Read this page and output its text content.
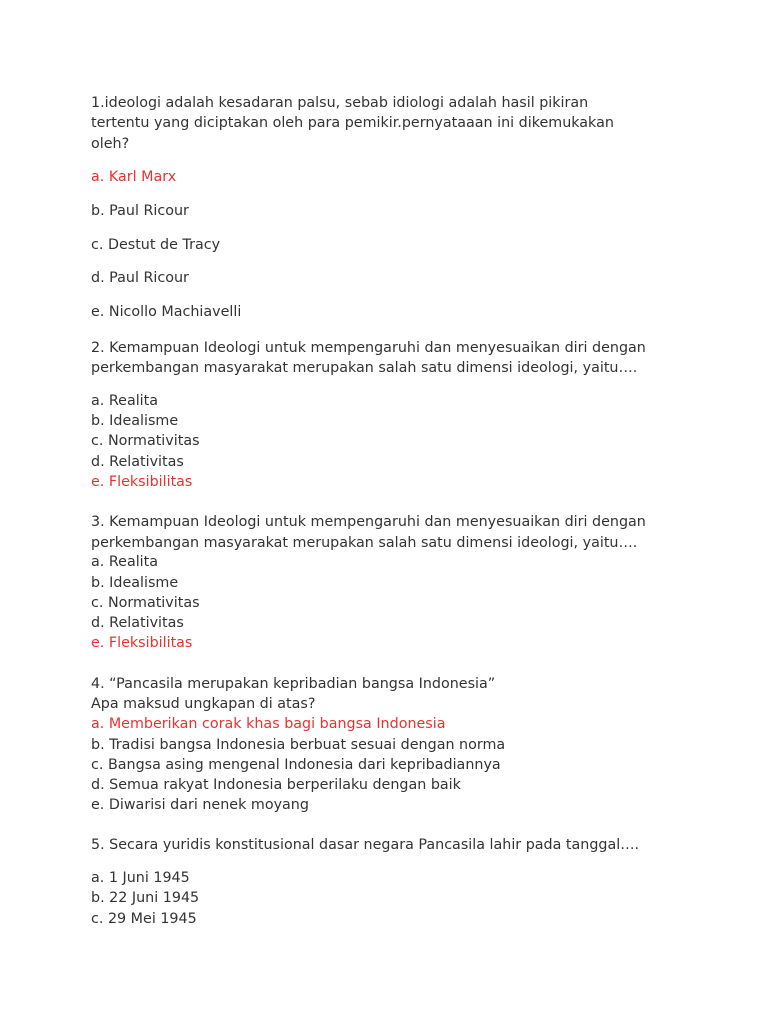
1.ideologi adalah kesadaran palsu, sebab idiologi adalah hasil pikiran
tertentu yang diciptakan oleh para pemikir.pernyataaan ini dikemukakan
oleh?
a. Karl Marx
b. Paul Ricour
c. Destut de Tracy
d. Paul Ricour
e. Nicollo Machiavelli
2. Kemampuan Ideologi untuk mempengaruhi dan menyesuaikan diri dengan
perkembangan masyarakat merupakan salah satu dimensi ideologi, yaitu….
a. Realita
b. Idealisme
c. Normativitas
d. Relativitas
e. Fleksibilitas
3. Kemampuan Ideologi untuk mempengaruhi dan menyesuaikan diri dengan
perkembangan masyarakat merupakan salah satu dimensi ideologi, yaitu….
a. Realita
b. Idealisme
c. Normativitas
d. Relativitas
e. Fleksibilitas
4. “Pancasila merupakan kepribadian bangsa Indonesia”
Apa maksud ungkapan di atas?
a. Memberikan corak khas bagi bangsa Indonesia
b. Tradisi bangsa Indonesia berbuat sesuai dengan norma
c. Bangsa asing mengenal Indonesia dari kepribadiannya
d. Semua rakyat Indonesia berperilaku dengan baik
e. Diwarisi dari nenek moyang
5. Secara yuridis konstitusional dasar negara Pancasila lahir pada tanggal….
a. 1 Juni 1945
b. 22 Juni 1945
c. 29 Mei 1945
